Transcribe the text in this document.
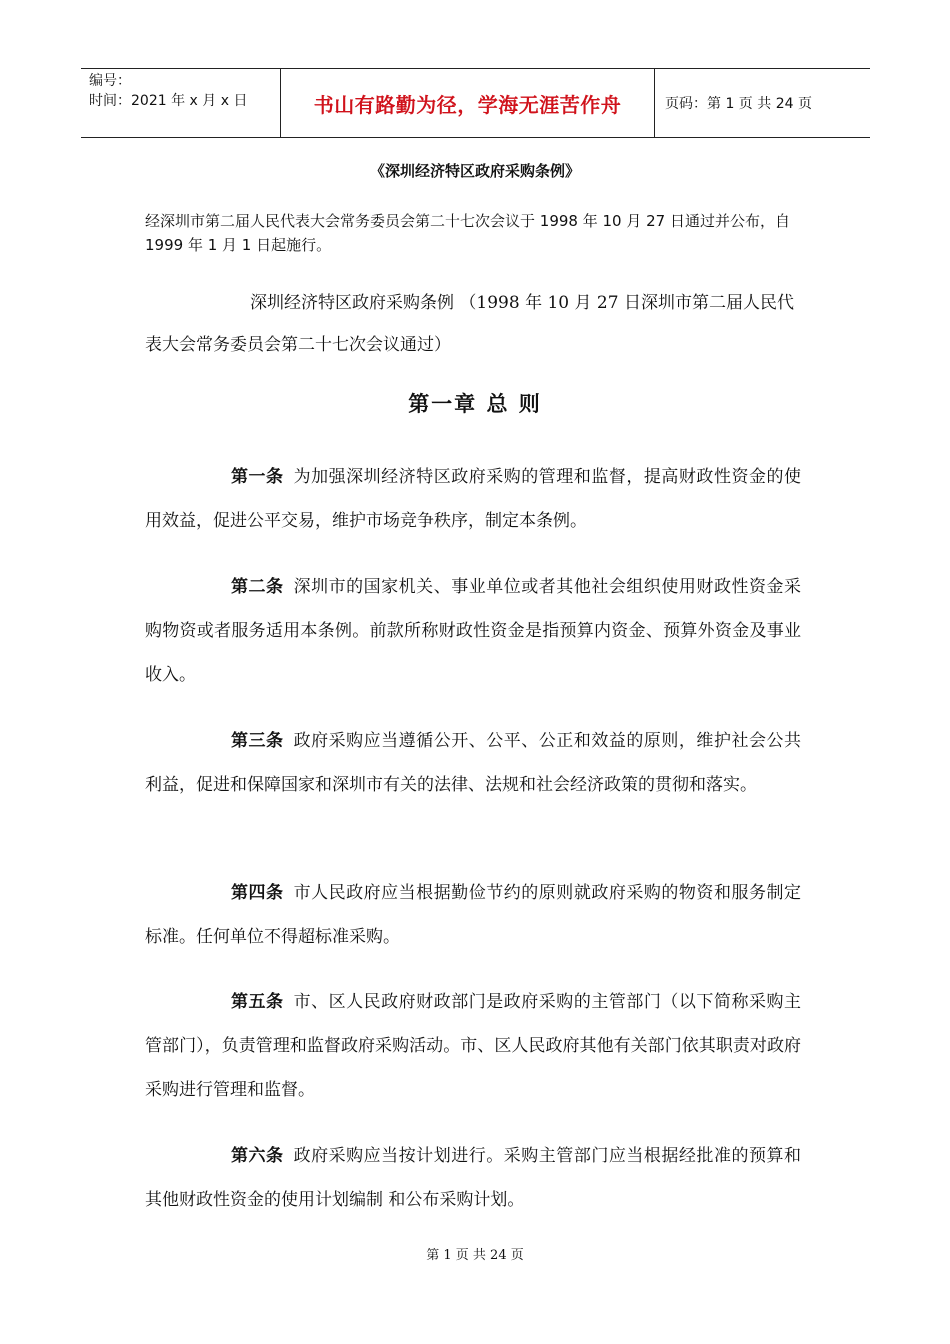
编号：
时间：2021 年 x 月 x 日	书山有路勤为径，学海无涯苦作舟	页码：第 1 页 共 24 页
《深圳经济特区政府采购条例》
经深圳市第二届人民代表大会常务委员会第二十七次会议于 1998 年 10 月 27 日通过并公布，自 1999 年 1 月 1 日起施行。
深圳经济特区政府采购条例 （1998 年 10 月 27 日深圳市第二届人民代表大会常务委员会第二十七次会议通过）
第一章 总 则
第一条 为加强深圳经济特区政府采购的管理和监督，提高财政性资金的使用效益，促进公平交易，维护市场竞争秩序，制定本条例。
第二条 深圳市的国家机关、事业单位或者其他社会组织使用财政性资金采购物资或者服务适用本条例。前款所称财政性资金是指预算内资金、预算外资金及事业收入。
第三条 政府采购应当遵循公开、公平、公正和效益的原则，维护社会公共利益，促进和保障国家和深圳市有关的法律、法规和社会经济政策的贯彻和落实。
第四条 市人民政府应当根据勤俭节约的原则就政府采购的物资和服务制定标准。任何单位不得超标准采购。
第五条 市、区人民政府财政部门是政府采购的主管部门（以下简称采购主管部门），负责管理和监督政府采购活动。市、区人民政府其他有关部门依其职责对政府采购进行管理和监督。
第六条 政府采购应当按计划进行。采购主管部门应当根据经批准的预算和其他财政性资金的使用计划编制 和公布采购计划。
第 1 页 共 24 页
